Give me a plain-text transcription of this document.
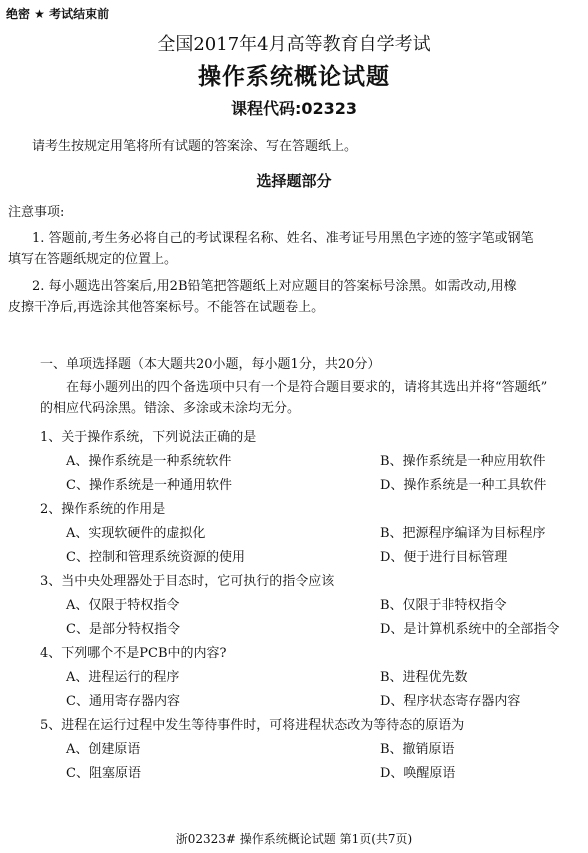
绝密 ★ 考试结束前
全国2017年4月高等教育自学考试
操作系统概论试题
课程代码:02323
请考生按规定用笔将所有试题的答案涂、写在答题纸上。
选择题部分
注意事项:
1. 答题前,考生务必将自己的考试课程名称、姓名、准考证号用黑色字迹的签字笔或钢笔
填写在答题纸规定的位置上。
2. 每小题选出答案后,用2B铅笔把答题纸上对应题目的答案标号涂黑。如需改动,用橡
皮擦干净后,再选涂其他答案标号。不能答在试题卷上。
一、单项选择题（本大题共20小题，每小题1分，共20分）
在每小题列出的四个备选项中只有一个是符合题目要求的，请将其选出并将“答题纸”
的相应代码涂黑。错涂、多涂或未涂均无分。
1、关于操作系统，下列说法正确的是
A、操作系统是一种系统软件	B、操作系统是一种应用软件
C、操作系统是一种通用软件	D、操作系统是一种工具软件
2、操作系统的作用是
A、实现软硬件的虚拟化	B、把源程序编译为目标程序
C、控制和管理系统资源的使用	D、便于进行目标管理
3、当中央处理器处于目态时，它可执行的指令应该
A、仅限于特权指令	B、仅限于非特权指令
C、是部分特权指令	D、是计算机系统中的全部指令
4、下列哪个不是PCB中的内容?
A、进程运行的程序	B、进程优先数
C、通用寄存器内容	D、程序状态寄存器内容
5、进程在运行过程中发生等待事件时，可将进程状态改为等待态的原语为
A、创建原语	B、撤销原语
C、阻塞原语	D、唤醒原语
浙02323# 操作系统概论试题 第1页(共7页)
